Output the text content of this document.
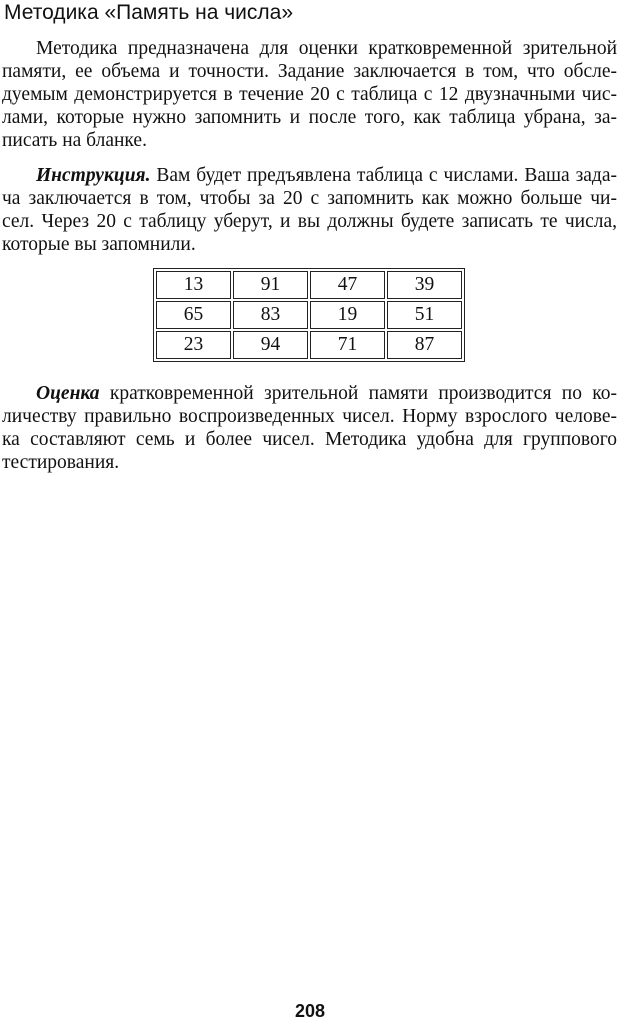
Методика «Память на числа»
Методика предназначена для оценки кратковременной зрительной
памяти, ее объема и точности. Задание заключается в том, что обсле-
дуемым демонстрируется в течение 20 с таблица с 12 двузначными чис-
лами, которые нужно запомнить и после того, как таблица убрана, за-
писать на бланке.
Инструкция. Вам будет предъявлена таблица с числами. Ваша зада-
ча заключается в том, чтобы за 20 с запомнить как можно больше чи-
сел. Через 20 с таблицу уберут, и вы должны будете записать те числа,
которые вы запомнили.
13	91	47	39
65	83	19	51
23	94	71	87
Оценка кратковременной зрительной памяти производится по ко-
личеству правильно воспроизведенных чисел. Норму взрослого челове-
ка составляют семь и более чисел. Методика удобна для группового
тестирования.
208
